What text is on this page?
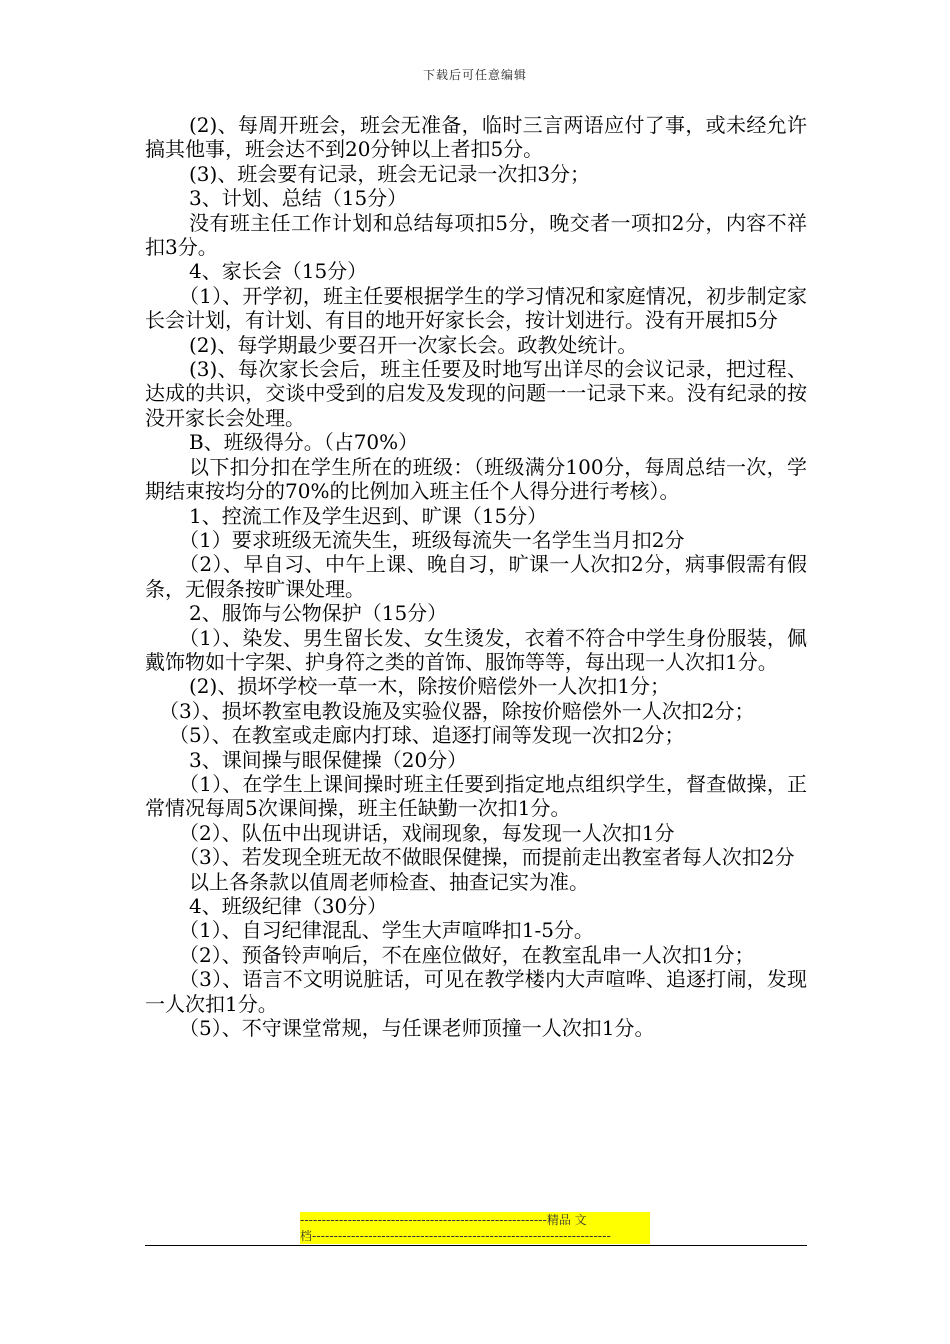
下载后可任意编辑

(2)、每周开班会，班会无准备，临时三言两语应付了事，或未经允许搞其他事，班会达不到20分钟以上者扣5分。

(3)、班会要有记录，班会无记录一次扣3分；

3、计划、总结（15分）

没有班主任工作计划和总结每项扣5分，晚交者一项扣2分，内容不祥扣3分。

4、家长会（15分）

（1）、开学初，班主任要根据学生的学习情况和家庭情况，初步制定家长会计划，有计划、有目的地开好家长会，按计划进行。没有开展扣5分

(2)、每学期最少要召开一次家长会。政教处统计。

(3)、每次家长会后，班主任要及时地写出详尽的会议记录，把过程、达成的共识，交谈中受到的启发及发现的问题一一记录下来。没有纪录的按没开家长会处理。

B、班级得分。（占70%）

以下扣分扣在学生所在的班级：（班级满分100分，每周总结一次，学期结束按均分的70%的比例加入班主任个人得分进行考核）。

1、控流工作及学生迟到、旷课（15分）

（1）要求班级无流失生，班级每流失一名学生当月扣2分

（2）、早自习、中午上课、晚自习，旷课一人次扣2分，病事假需有假条，无假条按旷课处理。

2、服饰与公物保护（15分）

（1）、染发、男生留长发、女生烫发，衣着不符合中学生身份服装，佩戴饰物如十字架、护身符之类的首饰、服饰等等，每出现一人次扣1分。

(2)、损坏学校一草一木，除按价赔偿外一人次扣1分；

（3）、损坏教室电教设施及实验仪器，除按价赔偿外一人次扣2分；

（5）、在教室或走廊内打球、追逐打闹等发现一次扣2分；

3、课间操与眼保健操（20分）

（1）、在学生上课间操时班主任要到指定地点组织学生，督查做操，正常情况每周5次课间操，班主任缺勤一次扣1分。

（2）、队伍中出现讲话，戏闹现象，每发现一人次扣1分

（3）、若发现全班无故不做眼保健操，而提前走出教室者每人次扣2分

以上各条款以值周老师检查、抽查记实为准。

4、班级纪律（30分）

（1）、自习纪律混乱、学生大声喧哗扣1-5分。

（2）、预备铃声响后，不在座位做好，在教室乱串一人次扣1分；

（3）、语言不文明说脏话，可见在教学楼内大声喧哗、追逐打闹，发现一人次扣1分。

（5）、不守课堂常规，与任课老师顶撞一人次扣1分。

---------------------------------------------------------精品 文
档---------------------------------------------------------------------
